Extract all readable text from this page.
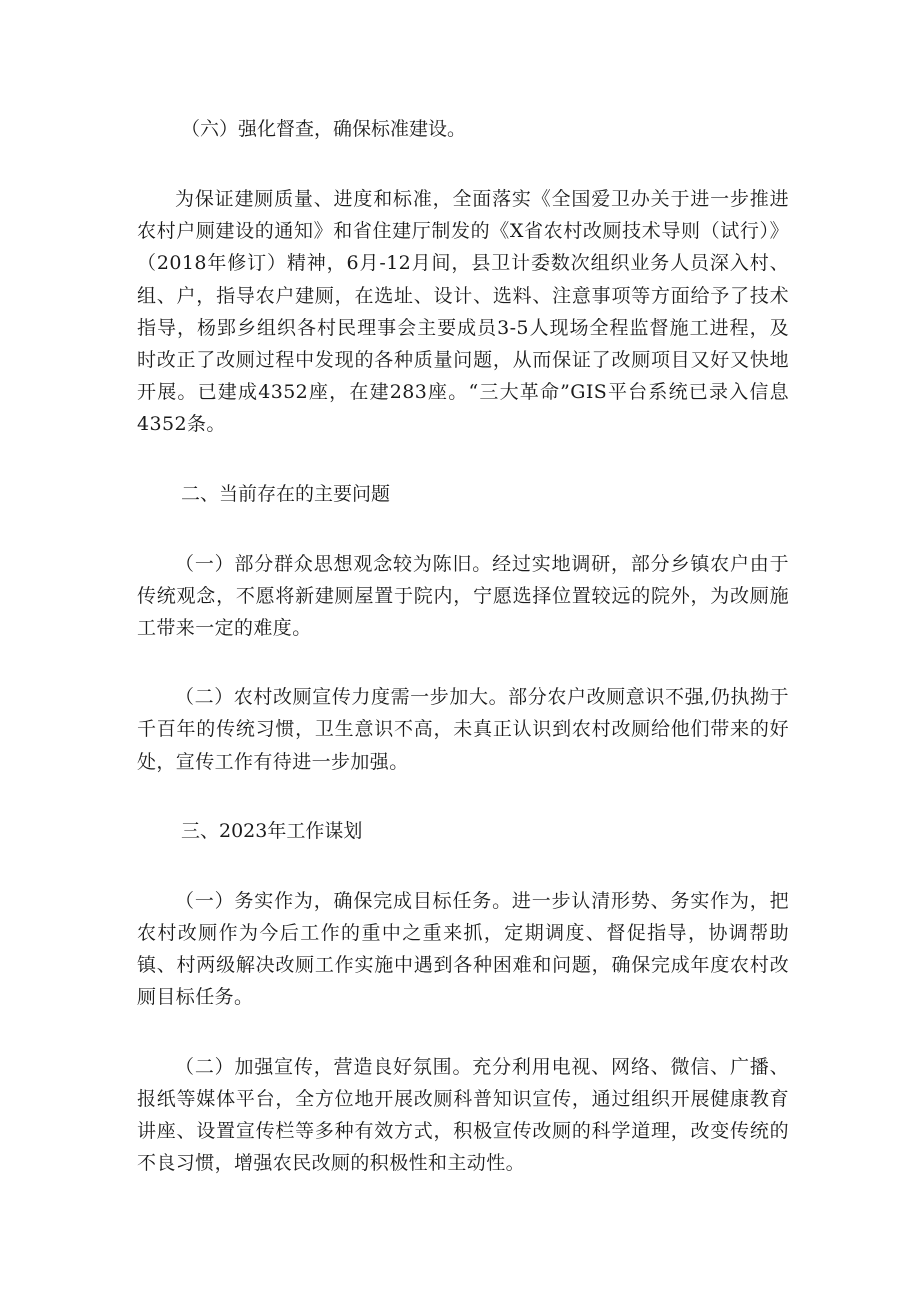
（六）强化督查，确保标准建设。

为保证建厕质量、进度和标准，全面落实《全国爱卫办关于进一步推进农村户厕建设的通知》和省住建厅制发的《X省农村改厕技术导则（试行）》（2018年修订）精神，6月-12月间，县卫计委数次组织业务人员深入村、组、户，指导农户建厕，在选址、设计、选料、注意事项等方面给予了技术指导，杨郢乡组织各村民理事会主要成员3-5人现场全程监督施工进程，及时改正了改厕过程中发现的各种质量问题，从而保证了改厕项目又好又快地开展。已建成4352座，在建283座。“三大革命”GIS平台系统已录入信息4352条。

二、当前存在的主要问题

（一）部分群众思想观念较为陈旧。经过实地调研，部分乡镇农户由于传统观念，不愿将新建厕屋置于院内，宁愿选择位置较远的院外，为改厕施工带来一定的难度。

（二）农村改厕宣传力度需一步加大。部分农户改厕意识不强,仍执拗于千百年的传统习惯，卫生意识不高，未真正认识到农村改厕给他们带来的好处，宣传工作有待进一步加强。

三、2023年工作谋划

（一）务实作为，确保完成目标任务。进一步认清形势、务实作为，把农村改厕作为今后工作的重中之重来抓，定期调度、督促指导，协调帮助镇、村两级解决改厕工作实施中遇到各种困难和问题，确保完成年度农村改厕目标任务。

（二）加强宣传，营造良好氛围。充分利用电视、网络、微信、广播、报纸等媒体平台，全方位地开展改厕科普知识宣传，通过组织开展健康教育讲座、设置宣传栏等多种有效方式，积极宣传改厕的科学道理，改变传统的不良习惯，增强农民改厕的积极性和主动性。
